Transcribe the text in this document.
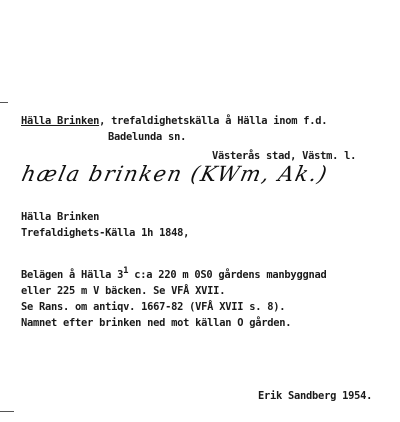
Hälla Brinken, trefaldighetskälla å Hälla inom f.d.
Badelunda sn.
Västerås stad, Västm. l.
hæla brinken (KWm, Ak.)
Hälla Brinken
Trefaldighets-Källa 1h 1848,
Belägen å Hälla 31 c:a 220 m 0S0 gårdens manbyggnad
eller 225 m V bäcken. Se VFÅ XVII.
Se Rans. om antiqv. 1667-82 (VFÅ XVII s. 8).
Namnet efter brinken ned mot källan O gården.
Erik Sandberg 1954.
